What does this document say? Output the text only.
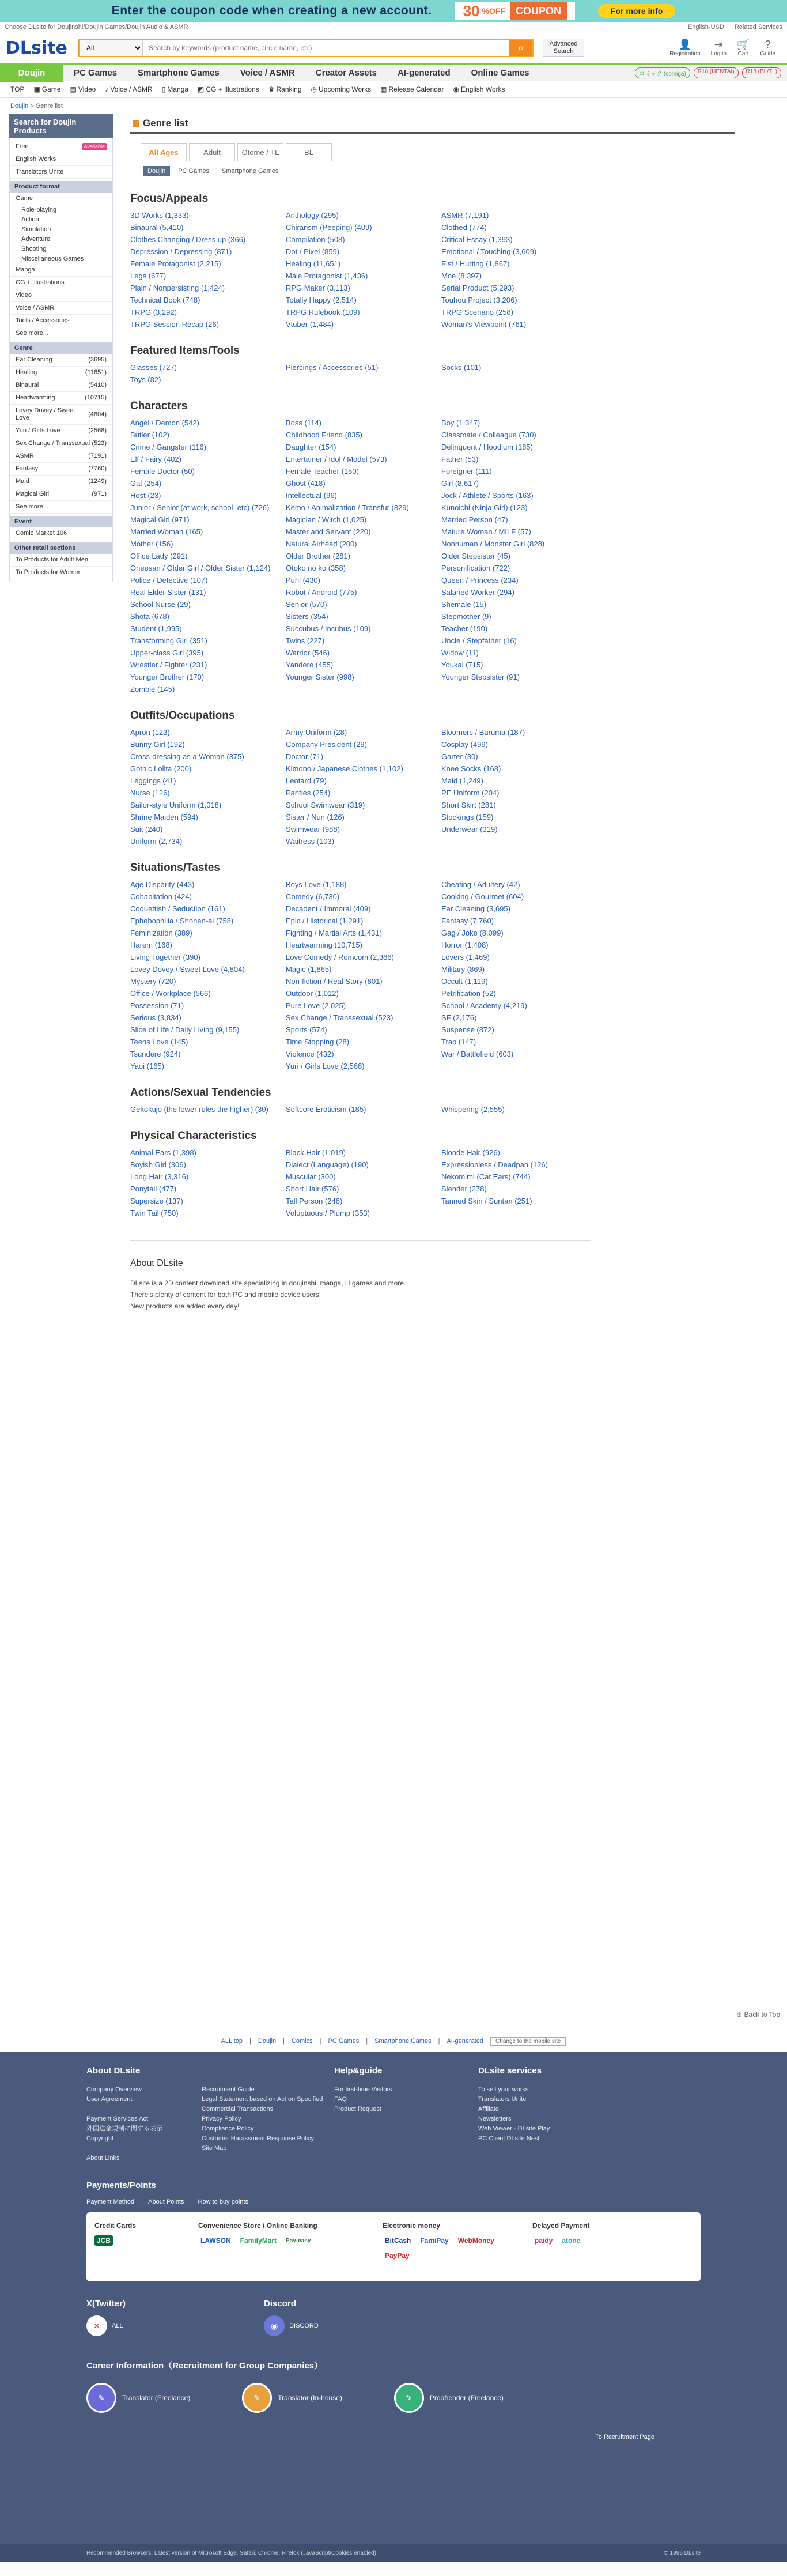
Enter the coupon code when creating a new account. 30 %OFF	COUPON	For more info
Choose DLsite for Doujinshi/Doujin Games/Doujin Audio & ASMR	English-USD Related Services
DLsite
All
Search by keywords (product name, circle name, etc)	⌕	Advanced Search
👤
Registration
⇥
Log in
🛒
Cart
?
Guide
Doujin	PC Games	Smartphone Games	Voice / ASMR	Creator Assets	AI-generated	Online Games	コミック (comiga)	R18 (HENTAI)	R18 (BL/TL)
TOP ▣ Game ▤ Video ♪ Voice / ASMR ▯ Manga ◩ CG + Illustrations ♛ Ranking ◷ Upcoming Works ▦ Release Calendar ◉ English Works
Doujin > Genre list
Search for Doujin Products
Free	Available
English Works
Translators Unite
Product format
Game
Role-playing
Action
Simulation
Adventure
Shooting
Miscellaneous Games
Manga
CG + Illustrations
Video
Voice / ASMR
Tools / Accessories
See more...
Genre
Ear Cleaning	(3695)
Healing	(11651)
Binaural	(5410)
Heartwarming	(10715)
Lovey Dovey / Sweet Love
(4804)
Yuri / Girls Love	(2568)
Sex Change / Transsexual (523)
ASMR	(7191)
Fantasy	(7760)
Maid	(1249)
Magical Girl	(971)
See more...
Event
Comic Market 106
Other retail sections
To Products for Adult Men
To Products for Women
Genre list
All Ages	Adult	Otome / TL	BL
Doujin	PC Games	Smartphone Games
Focus/Appeals
3D Works (1,333)	Anthology (295)	ASMR (7,191)
Binaural (5,410)	Chirarism (Peeping) (409)	Clothed (774)
Clothes Changing / Dress up (366)	Compilation (508)	Critical Essay (1,393)
Depression / Depressing (871)	Dot / Pixel (859)	Emotional / Touching (3,609)
Female Protagonist (2,215)	Healing (11,651)	Fist / Hurting (1,867)
Legs (677)	Male Protagonist (1,436)	Moe (8,397)
Plain / Nonpersisting (1,424)	RPG Maker (3,113)	Serial Product (5,293)
Technical Book (748)	Totally Happy (2,514)	Touhou Project (3,206)
TRPG (3,292)	TRPG Rulebook (109)	TRPG Scenario (258)
TRPG Session Recap (26)	Vtuber (1,484)	Woman's Viewpoint (761)
Featured Items/Tools
Glasses (727)	Piercings / Accessories (51)	Socks (101)
Toys (82)
Characters
Angel / Demon (542)	Boss (114)	Boy (1,347)
Butler (102)	Childhood Friend (835)	Classmate / Colleague (730)
Crime / Gangster (116)	Daughter (154)	Delinquent / Hoodlum (185)
Elf / Fairy (402)	Entertainer / Idol / Model (573)	Father (53)
Female Doctor (50)	Female Teacher (150)	Foreigner (111)
Gal (254)	Ghost (418)	Girl (8,617)
Host (23)	Intellectual (96)	Jock / Athlete / Sports (163)
Junior / Senior (at work, school, etc) (726)	Kemo / Animalization / Transfur (829)	Kunoichi (Ninja Girl) (123)
Magical Girl (971)	Magician / Witch (1,025)	Married Person (47)
Married Woman (165)	Master and Servant (220)	Mature Woman / MILF (57)
Mother (156)	Natural Airhead (200)	Nonhuman / Monster Girl (828)
Office Lady (291)	Older Brother (281)	Older Stepsister (45)
Oneesan / Older Girl / Older Sister (1,124)	Otoko no ko (358)	Personification (722)
Police / Detective (107)	Puni (430)	Queen / Princess (234)
Real Elder Sister (131)	Robot / Android (775)	Salaried Worker (294)
School Nurse (29)	Senior (570)	Shemale (15)
Shota (678)	Sisters (354)	Stepmother (9)
Student (1,995)	Succubus / Incubus (109)	Teacher (190)
Transforming Girl (351)	Twins (227)	Uncle / Stepfather (16)
Upper-class Girl (395)	Warrior (546)	Widow (11)
Wrestler / Fighter (231)	Yandere (455)	Youkai (715)
Younger Brother (170)	Younger Sister (998)	Younger Stepsister (91)
Zombie (145)
Outfits/Occupations
Apron (123)	Army Uniform (28)	Bloomers / Buruma (187)
Bunny Girl (192)	Company President (29)	Cosplay (499)
Cross-dressing as a Woman (375)	Doctor (71)	Garter (30)
Gothic Lolita (200)	Kimono / Japanese Clothes (1,102)	Knee Socks (168)
Leggings (41)	Leotard (79)	Maid (1,249)
Nurse (126)	Panties (254)	PE Uniform (204)
Sailor-style Uniform (1,018)	School Swimwear (319)	Short Skirt (281)
Shrine Maiden (594)	Sister / Nun (126)	Stockings (159)
Suit (240)	Swimwear (988)	Underwear (319)
Uniform (2,734)	Waitress (103)
Situations/Tastes
Age Disparity (443)	Boys Love (1,188)	Cheating / Adultery (42)
Cohabitation (424)	Comedy (6,730)	Cooking / Gourmet (604)
Coquettish / Seduction (161)	Decadent / Immoral (409)	Ear Cleaning (3,695)
Ephebophilia / Shonen-ai (758)	Epic / Historical (1,291)	Fantasy (7,760)
Feminization (389)	Fighting / Martial Arts (1,431)	Gag / Joke (8,099)
Harem (168)	Heartwarming (10,715)	Horror (1,408)
Living Together (390)	Love Comedy / Romcom (2,386)	Lovers (1,469)
Lovey Dovey / Sweet Love (4,804)	Magic (1,865)	Military (869)
Mystery (720)	Non-fiction / Real Story (801)	Occult (1,119)
Office / Workplace (566)	Outdoor (1,012)	Petrification (52)
Possession (71)	Pure Love (2,025)	School / Academy (4,219)
Serious (3,834)	Sex Change / Transsexual (523)	SF (2,176)
Slice of Life / Daily Living (9,155)	Sports (574)	Suspense (872)
Teens Love (145)	Time Stopping (28)	Trap (147)
Tsundere (924)	Violence (432)	War / Battlefield (603)
Yaoi (165)	Yuri / Girls Love (2,568)
Actions/Sexual Tendencies
Gekokujo (the lower rules the higher) (30)	Softcore Eroticism (185)	Whispering (2,555)
Physical Characteristics
Animal Ears (1,398)	Black Hair (1,019)	Blonde Hair (926)
Boyish Girl (306)	Dialect (Language) (190)	Expressionless / Deadpan (126)
Long Hair (3,316)	Muscular (300)	Nekomimi (Cat Ears) (744)
Ponytail (477)	Short Hair (576)	Slender (278)
Supersize (137)	Tall Person (248)	Tanned Skin / Suntan (251)
Twin Tail (750)	Voluptuous / Plump (353)
About DLsite

DLsite is a 2D content download site specializing in doujinshi, manga, H games and more.

There's plenty of content for both PC and mobile device users!

New products are added every day!

⊕ Back to Top
ALL top | Doujin | Comics | PC Games | Smartphone Games | AI-generated	Change to the mobile site
About DLsite
Company Overview
User Agreement

Payment Services Act
外国送金規制に関する表示
Copyright

About Links
Recruitment Guide
Legal Statement based on Act on Specified Commercial Transactions
Privacy Policy
Compliance Policy
Customer Harassment Response Policy
Site Map
Help&guide
For first-time Visitors
FAQ
Product Request
DLsite services
To sell your works
Translators Unite
Affiliate
Newsletters
Web Viewer - DLsite Play
PC Client DLsite Nest
Payments/Points
Payment Method About Points How to buy points
Credit Cards
JCB
Convenience Store / Online Banking
LAWSON	FamilyMart	Pay-easy
Electronic money
BitCash	FamiPay	WebMoney
PayPay
Delayed Payment
paidy	atone
X(Twitter)
✕	ALL
Discord
◉	DISCORD
Career Information（Recruitment for Group Companies）
✎	Translator (Freelance)	✎	Translator (In-house)	✎	Proofreader (Freelance)
To Recruitment Page
Recommended Browsers: Latest version of Microsoft Edge, Safari, Chrome, Firefox (JavaScript/Cookies enabled)	© 1996 DLsite
